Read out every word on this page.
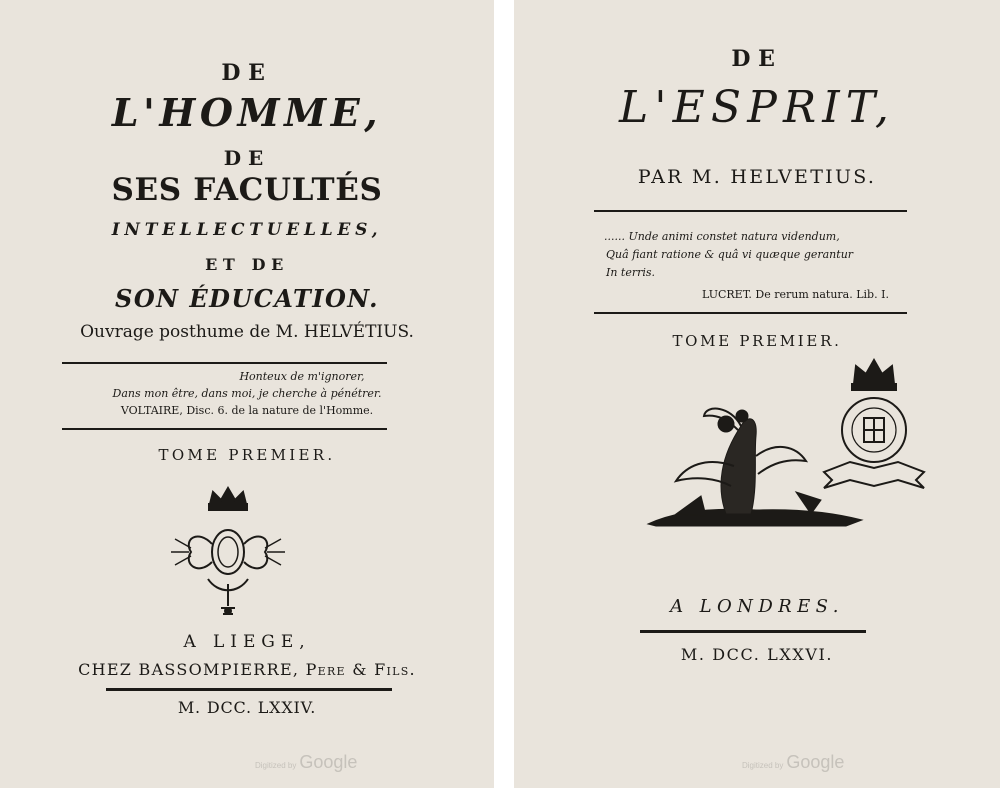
DE
L'HOMME,
DE
SES FACULTÉS
INTELLECTUELLES,
ET DE
SON ÉDUCATION.
Ouvrage posthume de M. HELVÉTIUS.
Honteux de m'ignorer,
Dans mon être, dans moi, je cherche à pénétrer.
VOLTAIRE, Disc. 6. de la nature de l'Homme.
TOME PREMIER.
A LIEGE,
CHEZ BASSOMPIERRE, Pere & Fils.
M. DCC. LXXIV.
Digitized by Google
DE
L'ESPRIT,
PAR M. HELVETIUS.
...... Unde animi constet natura videndum,
Quâ fiant ratione & quâ vi quæque gerantur
In terris.
LUCRET. De rerum natura. Lib. I.
TOME PREMIER.
A LONDRES.
M. DCC. LXXVI.
Digitized by Google
